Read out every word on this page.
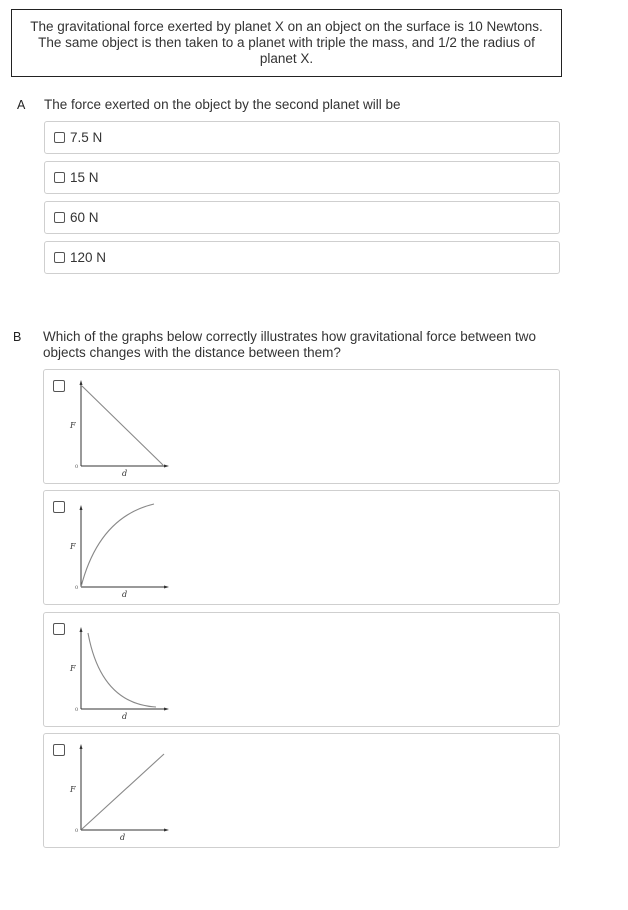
The gravitational force exerted by planet X on an object on the surface is 10 Newtons. The same object is then taken to a planet with triple the mass, and 1/2 the radius of planet X.
A The force exerted on the object by the second planet will be
7.5 N
15 N
60 N
120 N
B Which of the graphs below correctly illustrates how gravitational force between two objects changes with the distance between them?
F
d
0
F
d
0
F
d
0
F
d
0
